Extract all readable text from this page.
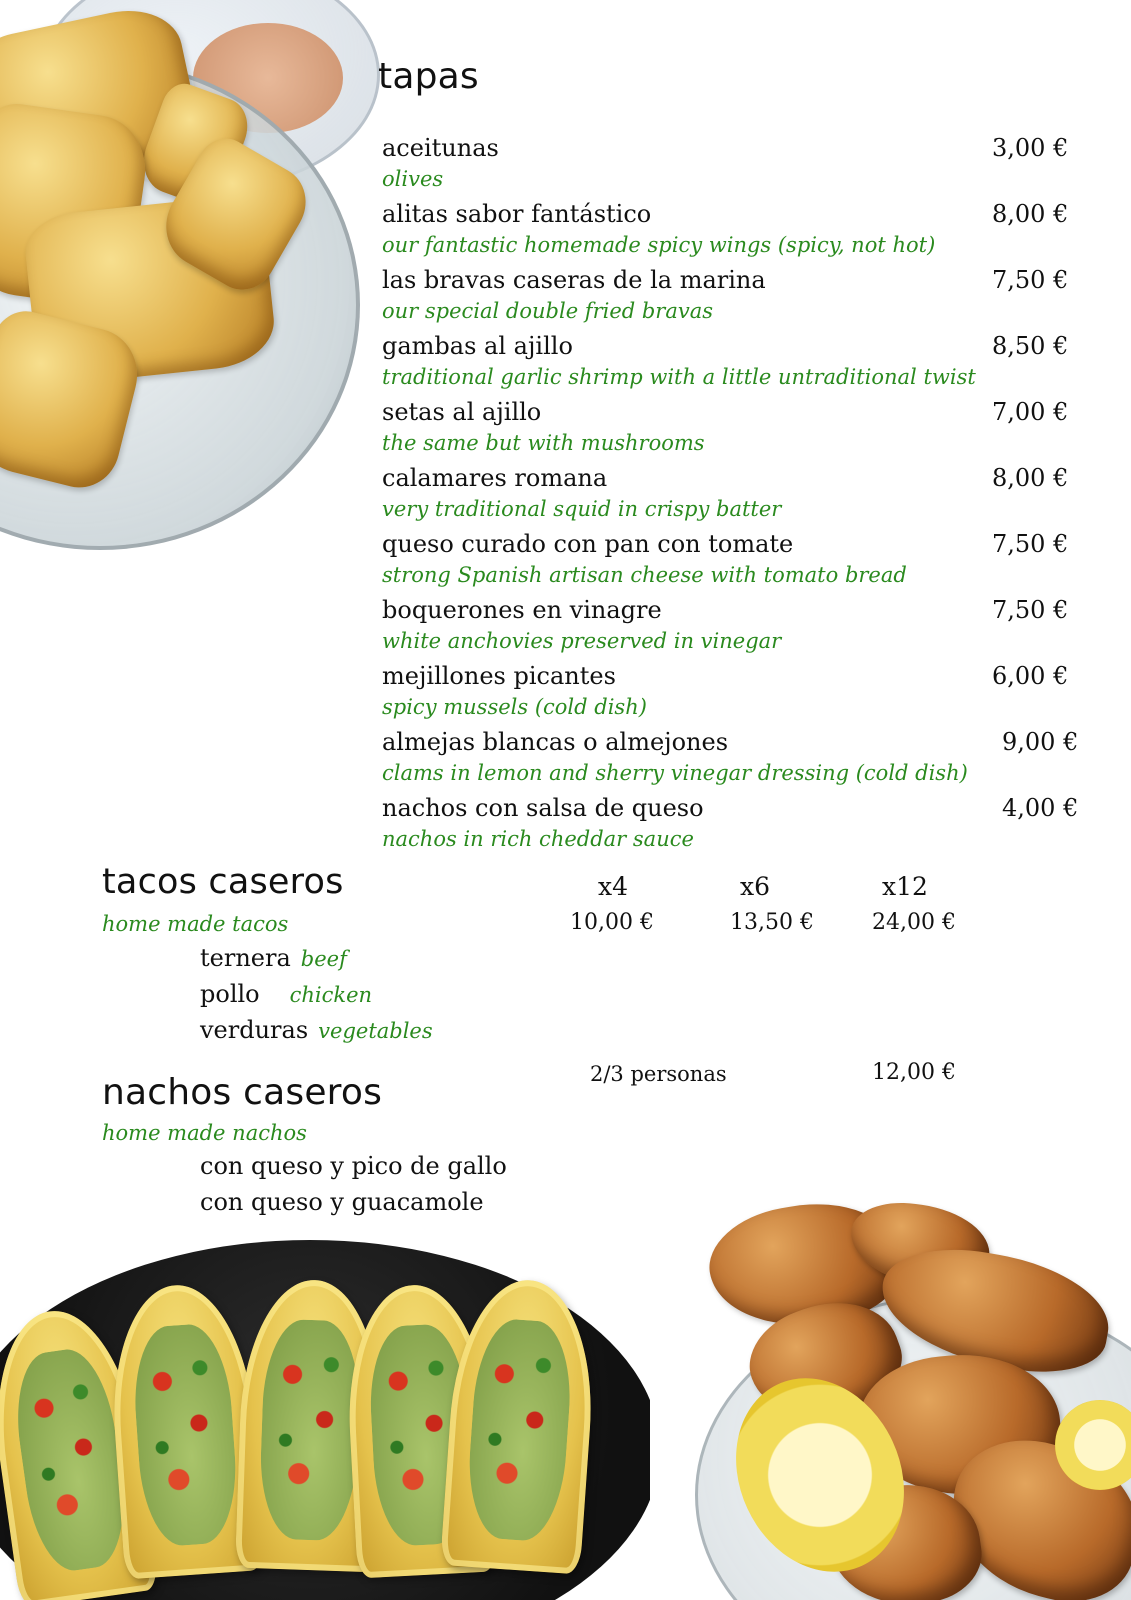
tapas
aceitunas
olives
3,00 €
alitas sabor fantástico
our fantastic homemade spicy wings (spicy, not hot)
8,00 €
las bravas caseras de la marina
our special double fried bravas
7,50 €
gambas al ajillo
traditional garlic shrimp with a little untraditional twist
8,50 €
setas al ajillo
the same but with mushrooms
7,00 €
calamares romana
very traditional squid in crispy batter
8,00 €
queso curado con pan con tomate
strong Spanish artisan cheese with tomato bread
7,50 €
boquerones en vinagre
white anchovies preserved in vinegar
7,50 €
mejillones picantes
spicy mussels (cold dish)
6,00 €
almejas blancas o almejones
clams in lemon and sherry vinegar dressing (cold dish)
9,00 €
nachos con salsa de queso
nachos in rich cheddar sauce
4,00 €
tacos caseros
home made tacos
x4	x6	x12
10,00 €	13,50 €	24,00 €
ternera beef
pollo chicken
verduras vegetables
2/3 personas	12,00 €
nachos caseros
home made nachos
con queso y pico de gallo
con queso y guacamole
